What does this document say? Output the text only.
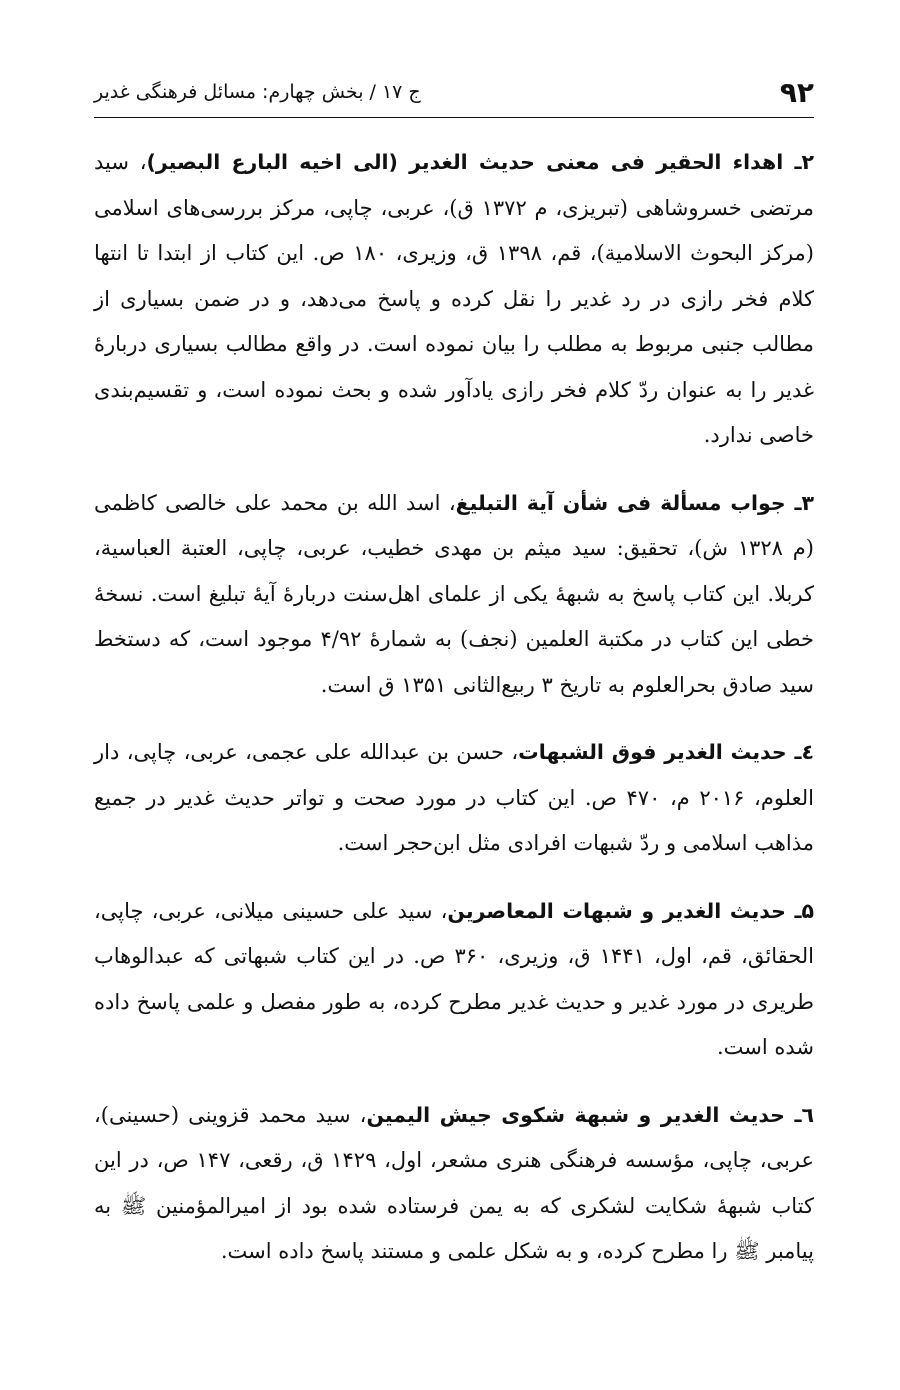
۹۲
ج ۱۷ / بخش چهارم: مسائل فرهنگی غدیر

۲ـ اهداء الحقیر فی معنی حدیث الغدیر (الی اخیه البارع البصیر)، سید مرتضی خسروشاهی (تبریزی، م ۱۳۷۲ ق)، عربی، چاپی، مرکز بررسی‌های اسلامی (مرکز البحوث الاسلامیة)، قم، ۱۳۹۸ ق، وزیری، ۱۸۰ ص. این کتاب از ابتدا تا انتها کلام فخر رازی در رد غدیر را نقل کرده و پاسخ می‌دهد، و در ضمن بسیاری از مطالب جنبی مربوط به مطلب را بیان نموده است. در واقع مطالب بسیاری دربارۀ غدیر را به عنوان ردّ کلام فخر رازی یادآور شده و بحث نموده است، و تقسیم‌بندی خاصی ندارد.

۳ـ جواب مسألة فی شأن آیة التبلیغ، اسد الله بن محمد علی خالصی کاظمی (م ۱۳۲۸ ش)، تحقیق: سید میثم بن مهدی خطیب، عربی، چاپی، العتبة العباسیة، کربلا. این کتاب پاسخ به شبهۀ یکی از علمای اهل‌سنت دربارۀ آیۀ تبلیغ است. نسخۀ خطی این کتاب در مکتبة العلمین (نجف) به شمارۀ ۴/۹۲ موجود است، که دستخط سید صادق بحرالعلوم به تاریخ ۳ ربیع‌الثانی ۱۳۵۱ ق است.

٤ـ حدیث الغدیر فوق الشبهات، حسن بن عبدالله علی عجمی، عربی، چاپی، دار العلوم، ۲۰۱۶ م، ۴۷۰ ص. این کتاب در مورد صحت و تواتر حدیث غدیر در جمیع مذاهب اسلامی و ردّ شبهات افرادی مثل ابن‌حجر است.

۵ـ حدیث الغدیر و شبهات المعاصرین، سید علی حسینی میلانی، عربی، چاپی، الحقائق، قم، اول، ۱۴۴۱ ق، وزیری، ۳۶۰ ص. در این کتاب شبهاتی که عبدالوهاب طریری در مورد غدیر و حدیث غدیر مطرح کرده، به طور مفصل و علمی پاسخ داده شده است.

٦ـ حدیث الغدیر و شبهة شکوی جیش الیمین، سید محمد قزوینی (حسینی)، عربی، چاپی، مؤسسه فرهنگی هنری مشعر، اول، ۱۴۲۹ ق، رقعی، ۱۴۷ ص، در این کتاب شبهۀ شکایت لشکری که به یمن فرستاده شده بود از امیرالمؤمنین ﷺ به پیامبر ﷺ را مطرح کرده، و به شکل علمی و مستند پاسخ داده است.
